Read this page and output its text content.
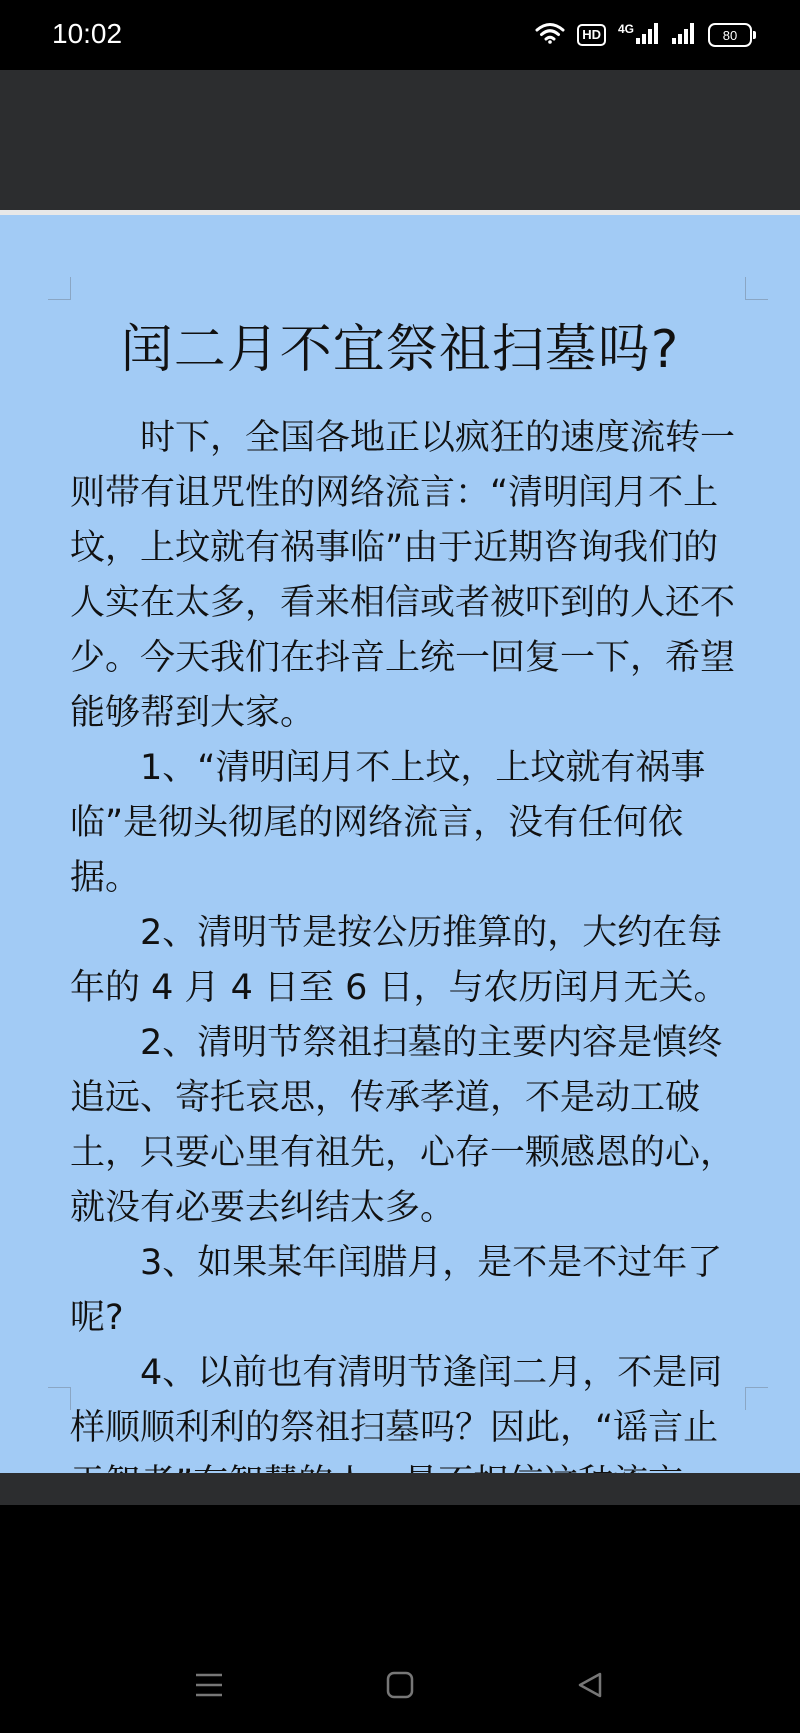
10:02	HD	4G	80
闰二月不宜祭祖扫墓吗?

时下，全国各地正以疯狂的速度流转一则带有诅咒性的网络流言：“清明闰月不上坟，上坟就有祸事临”由于近期咨询我们的人实在太多，看来相信或者被吓到的人还不少。今天我们在抖音上统一回复一下，希望能够帮到大家。

1、“清明闰月不上坟，上坟就有祸事临”是彻头彻尾的网络流言，没有任何依据。

2、清明节是按公历推算的，大约在每年的 4 月 4 日至 6 日，与农历闰月无关。

2、清明节祭祖扫墓的主要内容是慎终追远、寄托哀思，传承孝道，不是动工破土，只要心里有祖先，心存一颗感恩的心，就没有必要去纠结太多。

3、如果某年闰腊月，是不是不过年了呢?

4、以前也有清明节逢闰二月，不是同样顺顺利利的祭祖扫墓吗？因此，“谣言止
